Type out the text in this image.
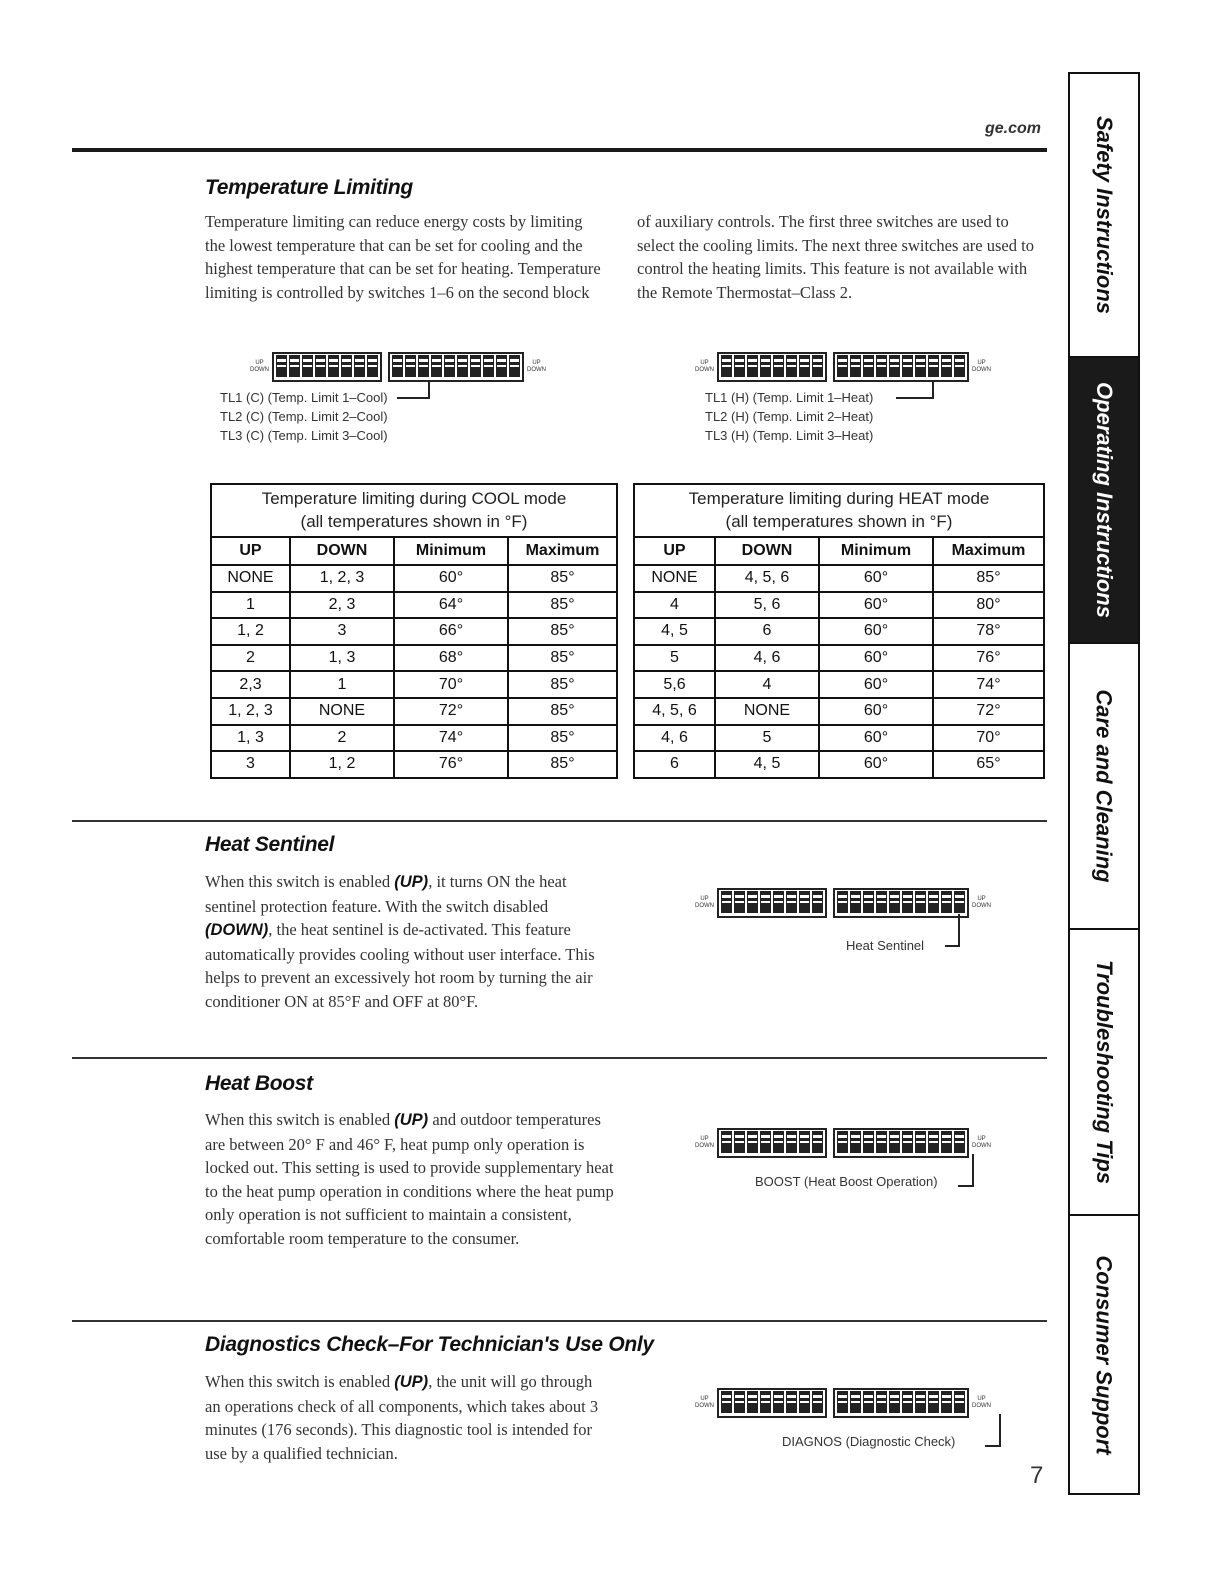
ge.com
Temperature Limiting
Temperature limiting can reduce energy costs by limiting the lowest temperature that can be set for cooling and the highest temperature that can be set for heating. Temperature limiting is controlled by switches 1–6 on the second block
of auxiliary controls. The first three switches are used to select the cooling limits. The next three switches are used to control the heating limits. This feature is not available with the Remote Thermostat–Class 2.
UP
DOWN
UP
DOWN
TL1 (C) (Temp. Limit 1–Cool)
TL2 (C) (Temp. Limit 2–Cool)
TL3 (C) (Temp. Limit 3–Cool)
UP
DOWN
UP
DOWN
TL1 (H) (Temp. Limit 1–Heat)
TL2 (H) (Temp. Limit 2–Heat)
TL3 (H) (Temp. Limit 3–Heat)
Temperature limiting during COOL mode
(all temperatures shown in °F)
UP	DOWN	Minimum	Maximum
NONE	1, 2, 3	60°	85°
1	2, 3	64°	85°
1, 2	3	66°	85°
2	1, 3	68°	85°
2,3	1	70°	85°
1, 2, 3	NONE	72°	85°
1, 3	2	74°	85°
3	1, 2	76°	85°
Temperature limiting during HEAT mode
(all temperatures shown in °F)
UP	DOWN	Minimum	Maximum
NONE	4, 5, 6	60°	85°
4	5, 6	60°	80°
4, 5	6	60°	78°
5	4, 6	60°	76°
5,6	4	60°	74°
4, 5, 6	NONE	60°	72°
4, 6	5	60°	70°
6	4, 5	60°	65°
Heat Sentinel
When this switch is enabled (UP), it turns ON the heat sentinel protection feature. With the switch disabled (DOWN), the heat sentinel is de-activated. This feature automatically provides cooling without user interface. This helps to prevent an excessively hot room by turning the air conditioner ON at 85°F and OFF at 80°F.
UP
DOWN
UP
DOWN
Heat Sentinel
Heat Boost
When this switch is enabled (UP) and outdoor temperatures are between 20° F and 46° F, heat pump only operation is locked out. This setting is used to provide supplementary heat to the heat pump operation in conditions where the heat pump only operation is not sufficient to maintain a consistent, comfortable room temperature to the consumer.
UP
DOWN
UP
DOWN
BOOST (Heat Boost Operation)
Diagnostics Check–For Technician's Use Only
When this switch is enabled (UP), the unit will go through an operations check of all components, which takes about 3 minutes (176 seconds). This diagnostic tool is intended for use by a qualified technician.
UP
DOWN
UP
DOWN
DIAGNOS (Diagnostic Check)
7
Safety Instructions
Operating Instructions
Care and Cleaning
Troubleshooting Tips
Consumer Support
